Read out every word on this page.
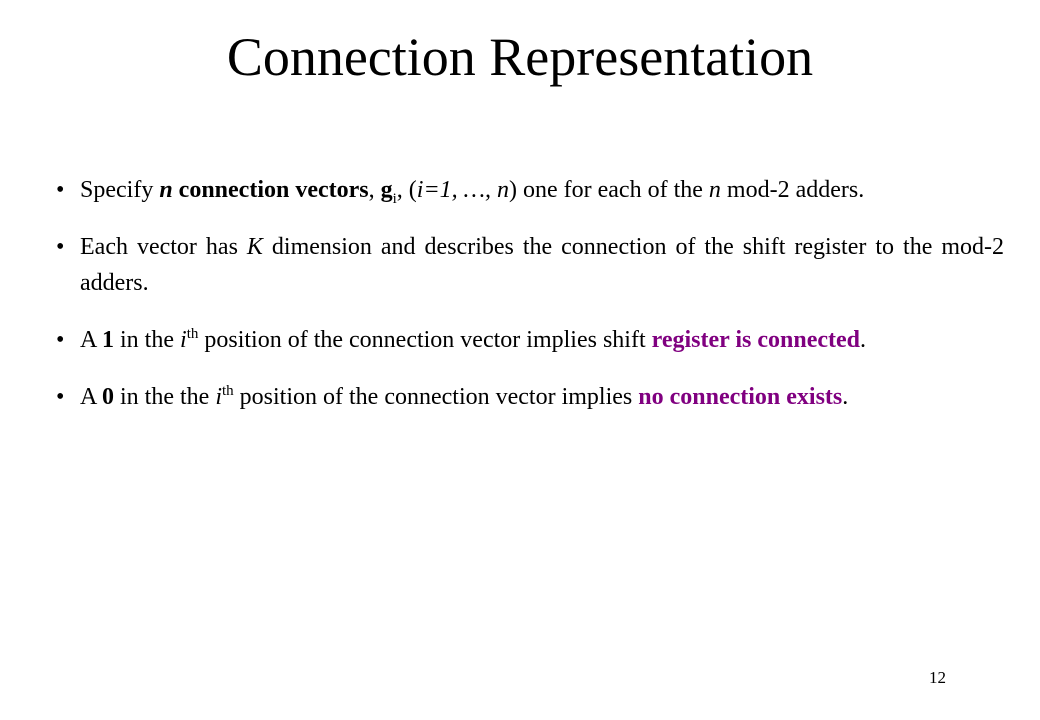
Connection Representation
• Specify n connection vectors, $g_i$, (i=1, …, n) one for each of the n mod-2 adders.
• Each vector has K dimension and describes the connection of the shift register to the mod-2 adders.
• A 1 in the $i^{th}$ position of the connection vector implies shift register is connected.
• A 0 in the the $i^{th}$ position of the connection vector implies no connection exists.
12
